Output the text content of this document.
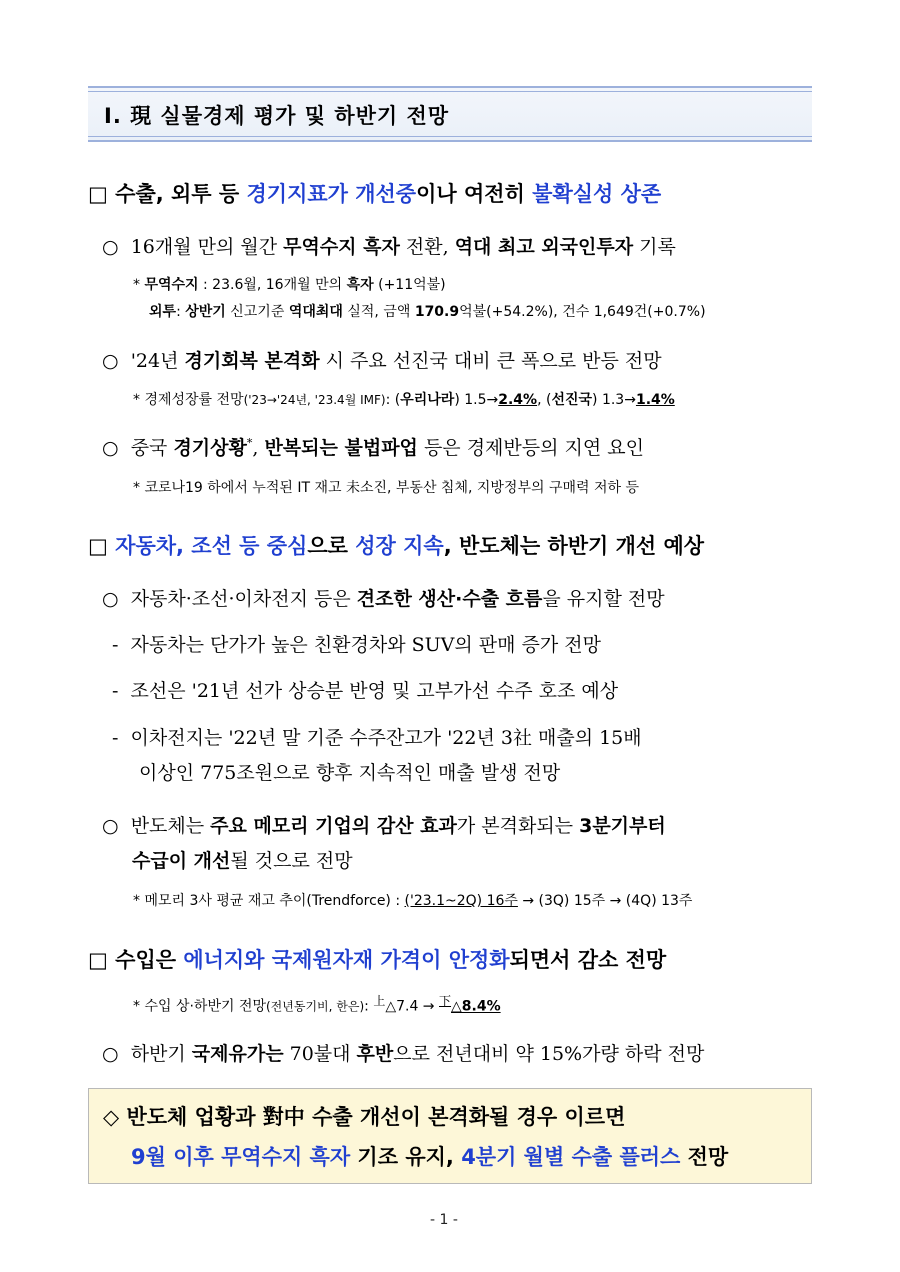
Ⅰ. 現 실물경제 평가 및 하반기 전망
□ 수출, 외투 등 경기지표가 개선중이나 여전히 불확실성 상존
○ 16개월 만의 월간 무역수지 흑자 전환, 역대 최고 외국인투자 기록
* 무역수지 : 23.6월, 16개월 만의 흑자 (+11억불)
외투: 상반기 신고기준 역대최대 실적, 금액 170.9억불(+54.2%), 건수 1,649건(+0.7%)
○ '24년 경기회복 본격화 시 주요 선진국 대비 큰 폭으로 반등 전망
* 경제성장률 전망('23→'24년, '23.4월 IMF): (우리나라) 1.5→2.4%, (선진국) 1.3→1.4%
○ 중국 경기상황*, 반복되는 불법파업 등은 경제반등의 지연 요인
* 코로나19 하에서 누적된 IT 재고 未소진, 부동산 침체, 지방정부의 구매력 저하 등
□ 자동차, 조선 등 중심으로 성장 지속, 반도체는 하반기 개선 예상
○ 자동차·조선·이차전지 등은 견조한 생산·수출 흐름을 유지할 전망
- 자동차는 단가가 높은 친환경차와 SUV의 판매 증가 전망
- 조선은 '21년 선가 상승분 반영 및 고부가선 수주 호조 예상
- 이차전지는 '22년 말 기준 수주잔고가 '22년 3社 매출의 15배
이상인 775조원으로 향후 지속적인 매출 발생 전망
○ 반도체는 주요 메모리 기업의 감산 효과가 본격화되는 3분기부터
수급이 개선될 것으로 전망
* 메모리 3사 평균 재고 추이(Trendforce) : ('23.1~2Q) 16주 → (3Q) 15주 → (4Q) 13주
□ 수입은 에너지와 국제원자재 가격이 안정화되면서 감소 전망
* 수입 상·하반기 전망(전년동기비, 한은): $^上$△7.4 → $^下$△8.4%
○ 하반기 국제유가는 70불대 후반으로 전년대비 약 15%가량 하락 전망
◇ 반도체 업황과 對中 수출 개선이 본격화될 경우 이르면
9월 이후 무역수지 흑자 기조 유지, 4분기 월별 수출 플러스 전망
- 1 -
